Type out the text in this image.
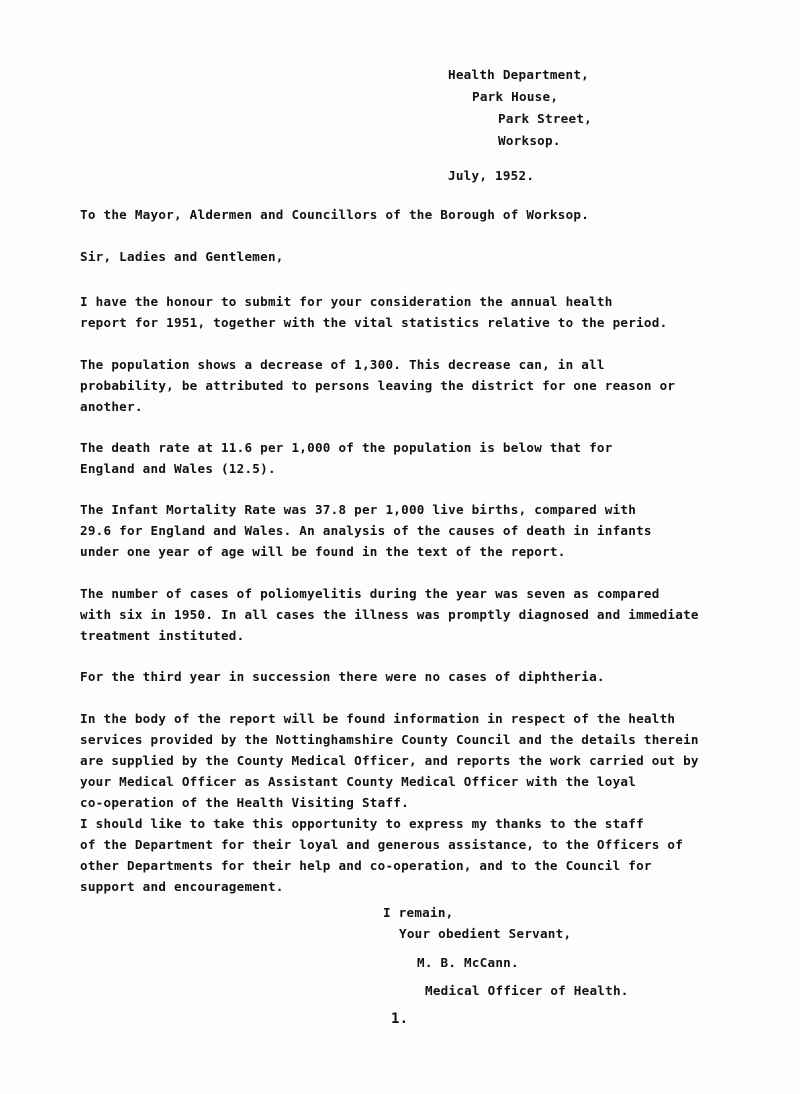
Health Department,
Park House,
Park Street,
Worksop.
July, 1952.
To the Mayor, Aldermen and Councillors of the Borough of Worksop.
Sir, Ladies and Gentlemen,

I have the honour to submit for your consideration the annual health
report for 1951, together with the vital statistics relative to the period.

The population shows a decrease of 1,300. This decrease can, in all
probability, be attributed to persons leaving the district for one reason or
another.

The death rate at 11.6 per 1,000 of the population is below that for
England and Wales (12.5).

The Infant Mortality Rate was 37.8 per 1,000 live births, compared with
29.6 for England and Wales. An analysis of the causes of death in infants
under one year of age will be found in the text of the report.

The number of cases of poliomyelitis during the year was seven as compared
with six in 1950. In all cases the illness was promptly diagnosed and immediate
treatment instituted.

For the third year in succession there were no cases of diphtheria.

In the body of the report will be found information in respect of the health
services provided by the Nottinghamshire County Council and the details therein
are supplied by the County Medical Officer, and reports the work carried out by
your Medical Officer as Assistant County Medical Officer with the loyal
co-operation of the Health Visiting Staff.

I should like to take this opportunity to express my thanks to the staff
of the Department for their loyal and generous assistance, to the Officers of
other Departments for their help and co-operation, and to the Council for
support and encouragement.

I remain,
Your obedient Servant,
M. B. McCann.
Medical Officer of Health.
1.
